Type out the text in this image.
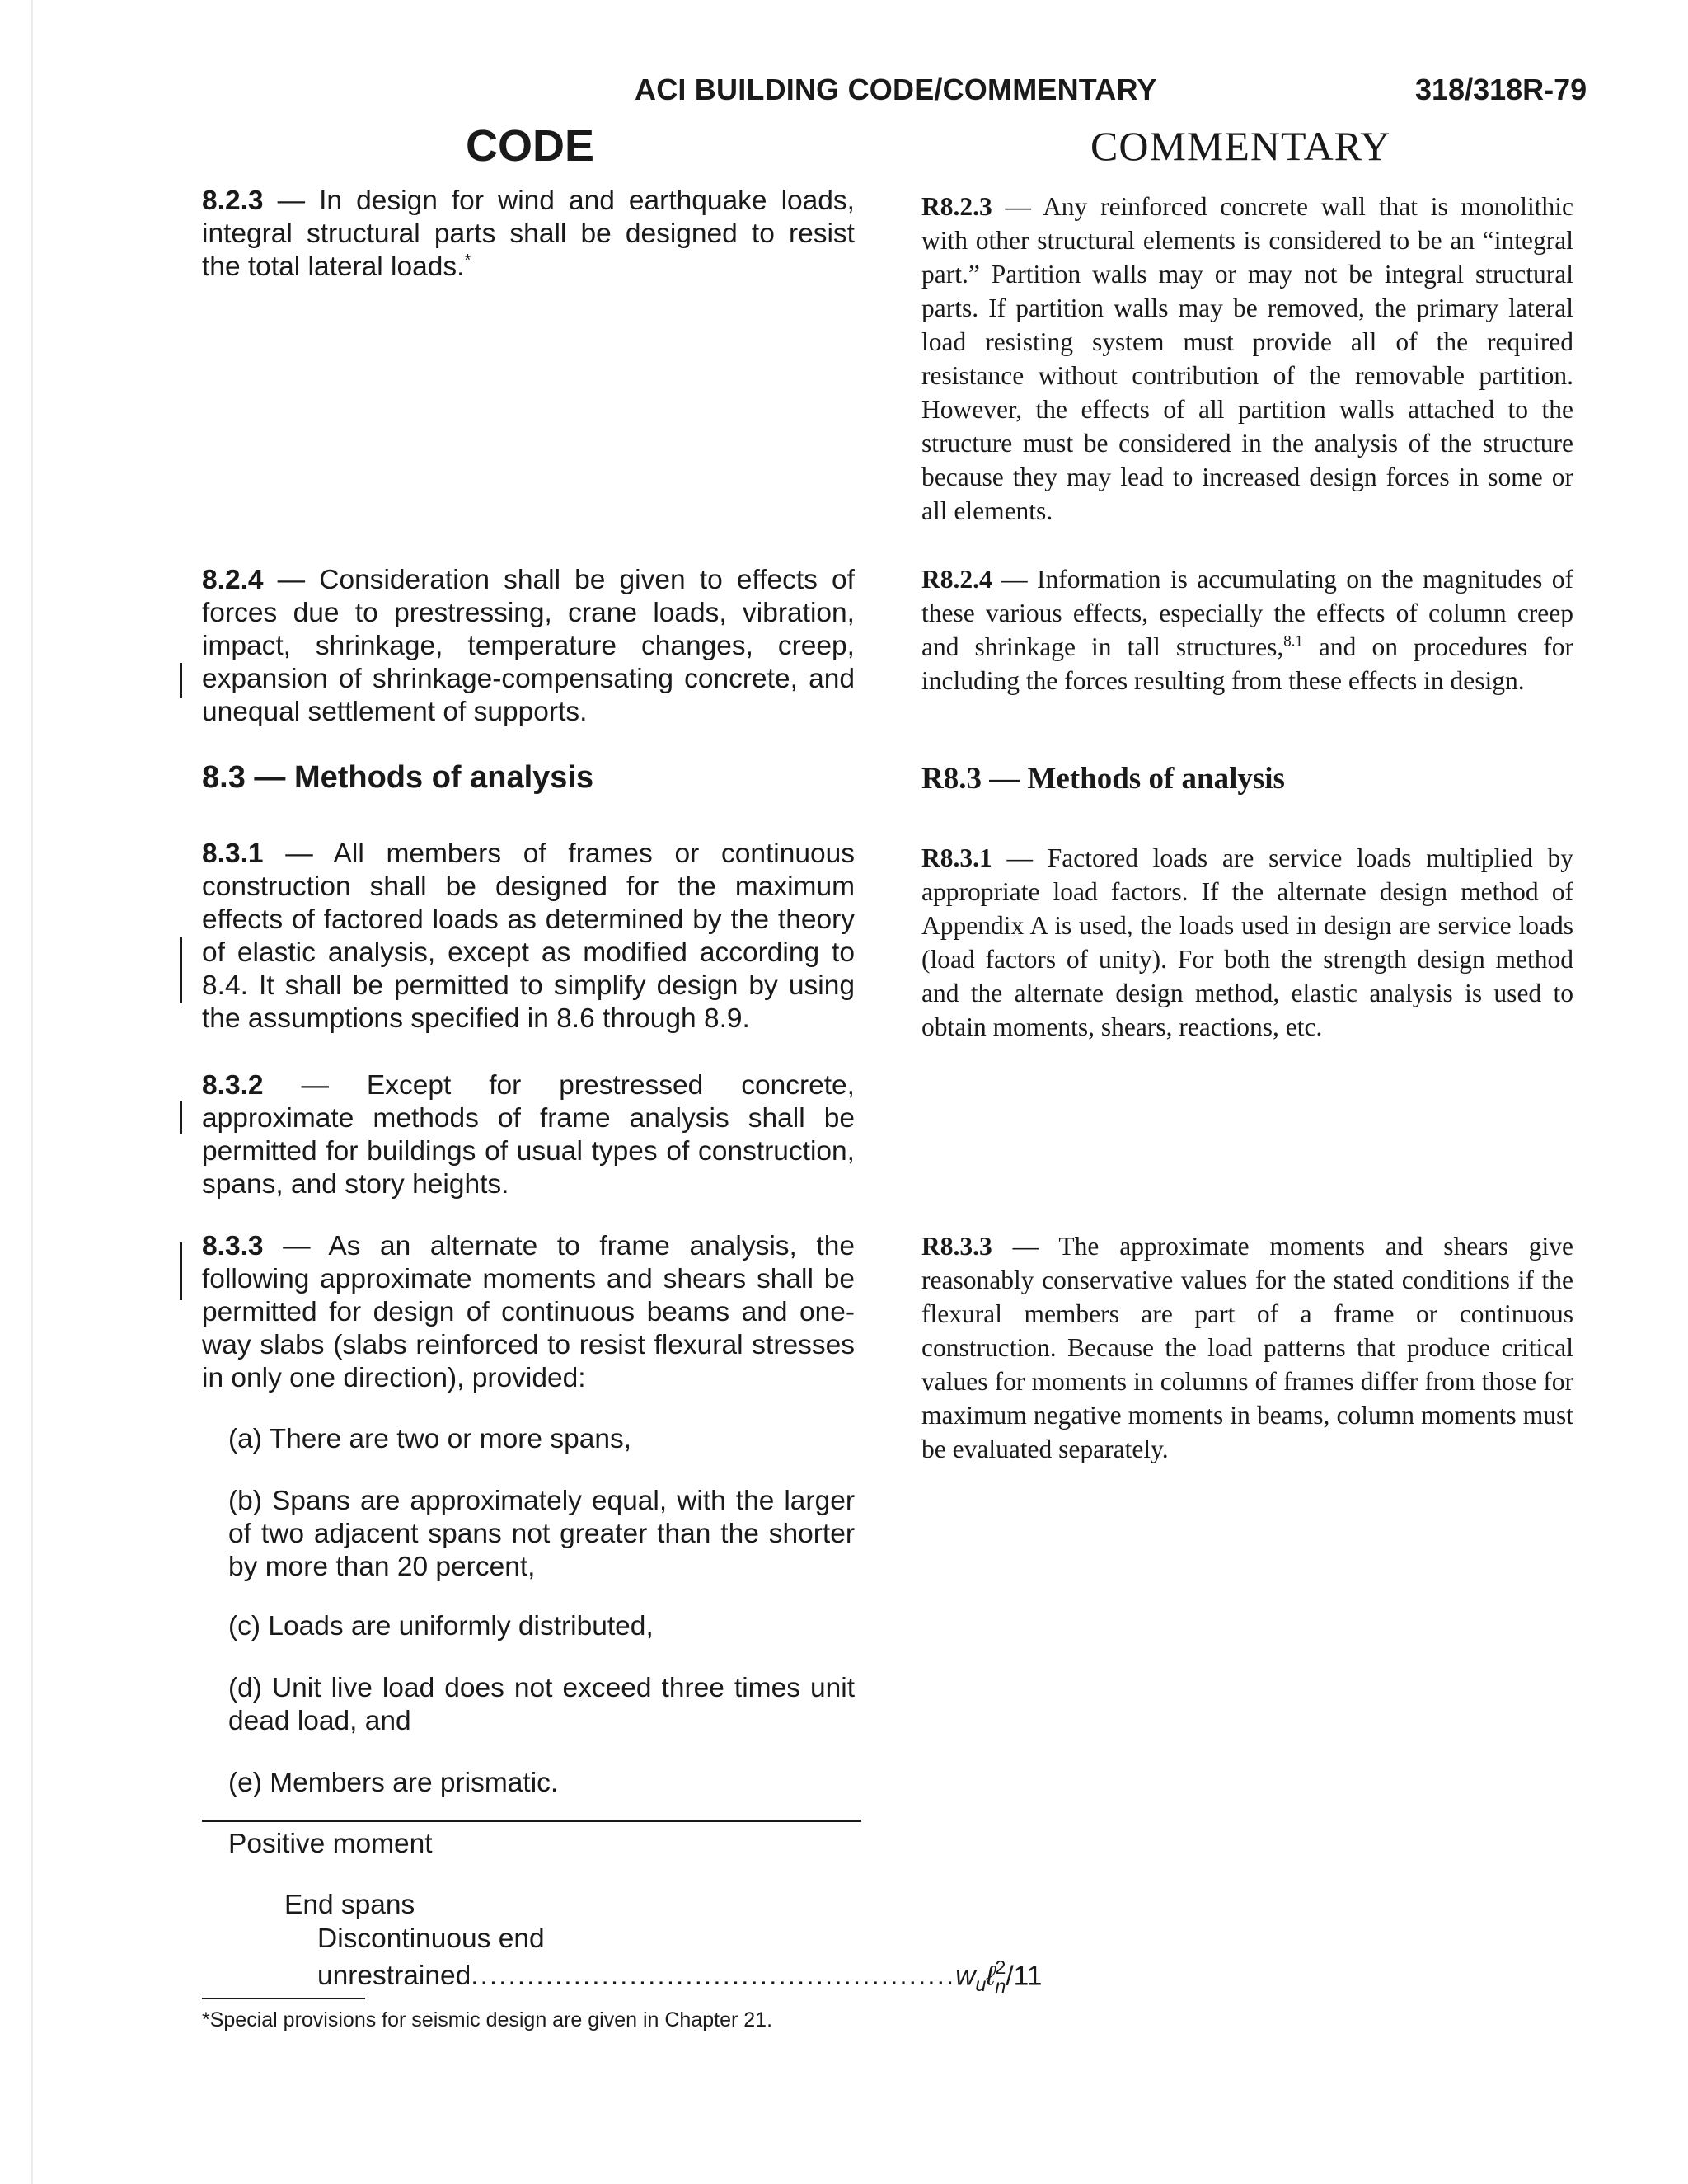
ACI BUILDING CODE/COMMENTARY	318/318R-79
CODE	COMMENTARY

8.2.3 — In design for wind and earthquake loads, integral structural parts shall be designed to resist the total lateral loads.*

8.2.4 — Consideration shall be given to effects of forces due to prestressing, crane loads, vibration, impact, shrinkage, temperature changes, creep, expansion of shrinkage-compensating concrete, and unequal settlement of supports.

8.3 — Methods of analysis

8.3.1 — All members of frames or continuous construction shall be designed for the maximum effects of factored loads as determined by the theory of elastic analysis, except as modified according to 8.4. It shall be permitted to simplify design by using the assumptions specified in 8.6 through 8.9.

8.3.2 — Except for prestressed concrete, approximate methods of frame analysis shall be permitted for buildings of usual types of construction, spans, and story heights.

8.3.3 — As an alternate to frame analysis, the following approximate moments and shears shall be permitted for design of continuous beams and one-way slabs (slabs reinforced to resist flexural stresses in only one direction), provided:

(a) There are two or more spans,

(b) Spans are approximately equal, with the larger of two adjacent spans not greater than the shorter by more than 20 percent,

(c) Loads are uniformly distributed,

(d) Unit live load does not exceed three times unit dead load, and

(e) Members are prismatic.

Positive moment
End spans
Discontinuous end
unrestrained .................................................... $w_u\ell$ 2
n /11
*Special provisions for seismic design are given in Chapter 21.

R8.2.3 — Any reinforced concrete wall that is monolithic with other structural elements is considered to be an “integral part.” Partition walls may or may not be integral structural parts. If partition walls may be removed, the primary lateral load resisting system must provide all of the required resistance without contribution of the removable partition. However, the effects of all partition walls attached to the structure must be considered in the analysis of the structure because they may lead to increased design forces in some or all elements.

R8.2.4 — Information is accumulating on the magnitudes of these various effects, especially the effects of column creep and shrinkage in tall structures,$^{8.1}$ and on procedures for including the forces resulting from these effects in design.

R8.3 — Methods of analysis

R8.3.1 — Factored loads are service loads multiplied by appropriate load factors. If the alternate design method of Appendix A is used, the loads used in design are service loads (load factors of unity). For both the strength design method and the alternate design method, elastic analysis is used to obtain moments, shears, reactions, etc.

R8.3.3 — The approximate moments and shears give reasonably conservative values for the stated conditions if the flexural members are part of a frame or continuous construction. Because the load patterns that produce critical values for moments in columns of frames differ from those for maximum negative moments in beams, column moments must be evaluated separately.
